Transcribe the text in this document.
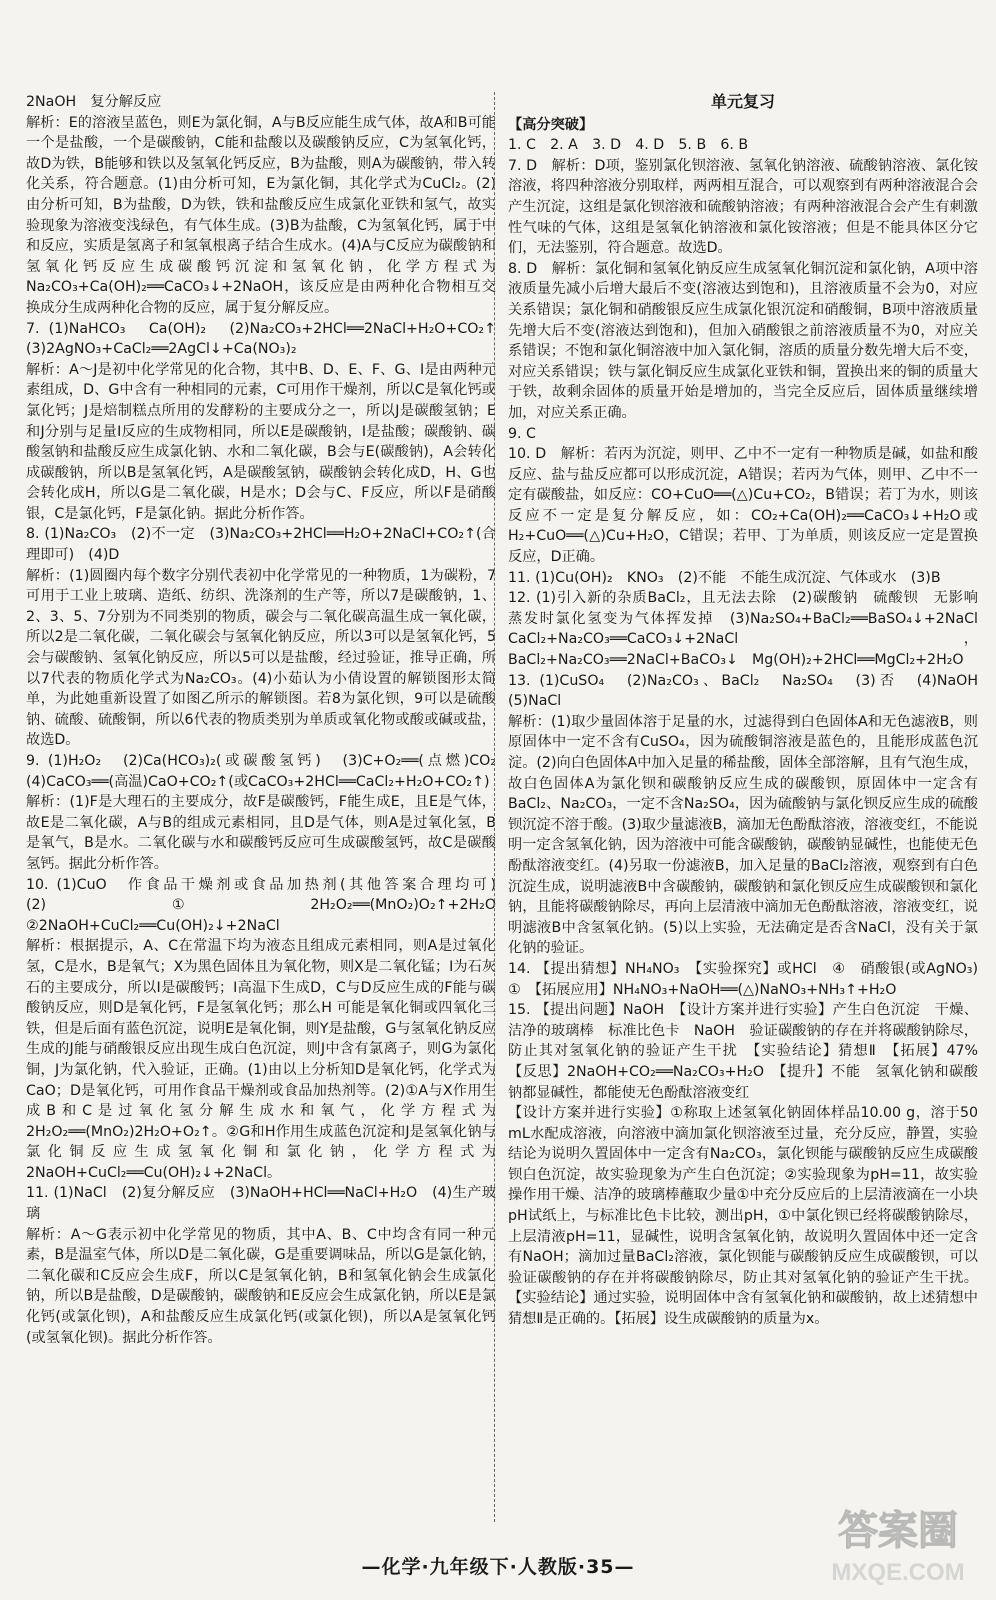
2NaOH　复分解反应

解析：E的溶液呈蓝色，则E为氯化铜，A与B反应能生成气体，故A和B可能一个是盐酸，一个是碳酸钠，C能和盐酸以及碳酸钠反应，C为氢氧化钙，故D为铁，B能够和铁以及氢氧化钙反应，B为盐酸，则A为碳酸钠，带入转化关系，符合题意。(1)由分析可知，E为氯化铜，其化学式为CuCl₂。(2)由分析可知，B为盐酸，D为铁，铁和盐酸反应生成氯化亚铁和氢气，故实验现象为溶液变浅绿色，有气体生成。(3)B为盐酸，C为氢氧化钙，属于中和反应，实质是氢离子和氢氧根离子结合生成水。(4)A与C反应为碳酸钠和氢氧化钙反应生成碳酸钙沉淀和氢氧化钠，化学方程式为Na₂CO₃+Ca(OH)₂══CaCO₃↓+2NaOH，该反应是由两种化合物相互交换成分生成两种化合物的反应，属于复分解反应。

7. (1)NaHCO₃　Ca(OH)₂　(2)Na₂CO₃+2HCl══2NaCl+H₂O+CO₂↑　(3)2AgNO₃+CaCl₂══2AgCl↓+Ca(NO₃)₂

解析：A～J是初中化学常见的化合物，其中B、D、E、F、G、I是由两种元素组成，D、G中含有一种相同的元素，C可用作干燥剂，所以C是氧化钙或氯化钙；J是焙制糕点所用的发酵粉的主要成分之一，所以J是碳酸氢钠；E和J分别与足量I反应的生成物相同，所以E是碳酸钠，I是盐酸；碳酸钠、碳酸氢钠和盐酸反应生成氯化钠、水和二氧化碳，B会与E(碳酸钠)，A会转化成碳酸钠，所以B是氢氧化钙，A是碳酸氢钠，碳酸钠会转化成D，H、G也会转化成H，所以G是二氧化碳，H是水；D会与C、F反应，所以F是硝酸银，C是氯化钙，F是氯化钠。据此分析作答。

8. (1)Na₂CO₃　(2)不一定　(3)Na₂CO₃+2HCl══H₂O+2NaCl+CO₂↑(合理即可)　(4)D

解析：(1)圆圈内每个数字分别代表初中化学常见的一种物质，1为碳粉，7可用于工业上玻璃、造纸、纺织、洗涤剂的生产等，所以7是碳酸钠，1、2、3、5、7分别为不同类别的物质，碳会与二氧化碳高温生成一氧化碳，所以2是二氧化碳，二氧化碳会与氢氧化钠反应，所以3可以是氢氧化钙，5会与碳酸钠、氢氧化钠反应，所以5可以是盐酸，经过验证，推导正确，所以7代表的物质化学式为Na₂CO₃。(4)小茹认为小倩设置的解锁图形太简单，为此她重新设置了如图乙所示的解锁图。若8为氯化钡，9可以是硫酸钠、硫酸、硫酸铜，所以6代表的物质类别为单质或氧化物或酸或碱或盐，故选D。

9. (1)H₂O₂　(2)Ca(HCO₃)₂(或碳酸氢钙)　(3)C+O₂══(点燃)CO₂　(4)CaCO₃══(高温)CaO+CO₂↑(或CaCO₃+2HCl══CaCl₂+H₂O+CO₂↑)

解析：(1)F是大理石的主要成分，故F是碳酸钙，F能生成E，且E是气体，故E是二氧化碳，A与B的组成元素相同，且D是气体，则A是过氧化氢，B是氧气，B是水。二氧化碳与水和碳酸钙反应可生成碳酸氢钙，故C是碳酸氢钙。据此分析作答。

10. (1)CuO　作食品干燥剂或食品加热剂(其他答案合理均可)　(2)①2H₂O₂══(MnO₂)O₂↑+2H₂O　②2NaOH+CuCl₂══Cu(OH)₂↓+2NaCl

解析：根据提示，A、C在常温下均为液态且组成元素相同，则A是过氧化氢，C是水，B是氧气；X为黑色固体且为氧化物，则X是二氧化锰；I为石灰石的主要成分，所以I是碳酸钙；I高温下生成D，C与D反应生成的F能与碳酸钠反应，则D是氧化钙，F是氢氧化钙；那么H 可能是氧化铜或四氧化三铁，但是后面有蓝色沉淀，说明E是氧化铜，则Y是盐酸，G与氢氧化钠反应生成的J能与硝酸银反应出现生成白色沉淀，则J中含有氯离子，则G为氯化铜，J为氯化钠，代入验证，正确。(1)由以上分析知D是氧化钙，化学式为CaO；D是氧化钙，可用作食品干燥剂或食品加热剂等。(2)①A与X作用生成B和C是过氧化氢分解生成水和氧气，化学方程式为2H₂O₂══(MnO₂)2H₂O+O₂↑。②G和H作用生成蓝色沉淀和J是氢氧化钠与氯化铜反应生成氢氧化铜和氯化钠，化学方程式为2NaOH+CuCl₂══Cu(OH)₂↓+2NaCl。

11. (1)NaCl　(2)复分解反应　(3)NaOH+HCl══NaCl+H₂O　(4)生产玻璃

解析：A～G表示初中化学常见的物质，其中A、B、C中均含有同一种元素，B是温室气体，所以D是二氧化碳，G是重要调味品，所以G是氯化钠，二氧化碳和C反应会生成F，所以C是氢氧化钠，B和氢氧化钠会生成氯化钠，所以B是盐酸，D是碳酸钠，碳酸钠和E反应会生成氯化钠，所以E是氯化钙(或氯化钡)，A和盐酸反应生成氯化钙(或氯化钡)，所以A是氢氧化钙(或氢氧化钡)。据此分析作答。

单元复习

【高分突破】

1. C　2. A　3. D　4. D　5. B　6. B

7. D　解析：D项，鉴别氯化钡溶液、氢氧化钠溶液、硫酸钠溶液、氯化铵溶液，将四种溶液分别取样，两两相互混合，可以观察到有两种溶液混合会产生沉淀，这组是氯化钡溶液和硫酸钠溶液；有两种溶液混合会产生有刺激性气味的气体，这组是氢氧化钠溶液和氯化铵溶液；但是不能具体区分它们，无法鉴别，符合题意。故选D。

8. D　解析：氯化铜和氢氧化钠反应生成氢氧化铜沉淀和氯化钠，A项中溶液质量先减小后增大最后不变(溶液达到饱和)，且溶液质量不会为0，对应关系错误；氯化铜和硝酸银反应生成氯化银沉淀和硝酸铜，B项中溶液质量先增大后不变(溶液达到饱和)，但加入硝酸银之前溶液质量不为0，对应关系错误；不饱和氯化铜溶液中加入氯化铜，溶质的质量分数先增大后不变，对应关系错误；铁与氯化铜反应生成氯化亚铁和铜，置换出来的铜的质量大于铁，故剩余固体的质量开始是增加的，当完全反应后，固体质量继续增加，对应关系正确。

9. C

10. D　解析：若丙为沉淀，则甲、乙中不一定有一种物质是碱，如盐和酸反应、盐与盐反应都可以形成沉淀，A错误；若丙为气体，则甲、乙中不一定有碳酸盐，如反应：CO+CuO══(△)Cu+CO₂，B错误；若丁为水，则该反应不一定是复分解反应，如：CO₂+Ca(OH)₂══CaCO₃↓+H₂O或H₂+CuO══(△)Cu+H₂O，C错误；若甲、丁为单质，则该反应一定是置换反应，D正确。

11. (1)Cu(OH)₂　KNO₃　(2)不能　不能生成沉淀、气体或水　(3)B

12. (1)引入新的杂质BaCl₂，且无法去除　(2)碳酸钠　硫酸钡　无影响　蒸发时氯化氢变为气体挥发掉　(3)Na₂SO₄+BaCl₂══BaSO₄↓+2NaCl　CaCl₂+Na₂CO₃══CaCO₃↓+2NaCl，BaCl₂+Na₂CO₃══2NaCl+BaCO₃↓　Mg(OH)₂+2HCl══MgCl₂+2H₂O

13. (1)CuSO₄　(2)Na₂CO₃、BaCl₂　Na₂SO₄　(3)否　(4)NaOH　(5)NaCl

解析：(1)取少量固体溶于足量的水，过滤得到白色固体A和无色滤液B，则原固体中一定不含有CuSO₄，因为硫酸铜溶液是蓝色的，且能形成蓝色沉淀。(2)向白色固体A中加入足量的稀盐酸，固体全部溶解，且有气泡生成，故白色固体A为氯化钡和碳酸钠反应生成的碳酸钡，原固体中一定含有BaCl₂、Na₂CO₃，一定不含Na₂SO₄，因为硫酸钠与氯化钡反应生成的硫酸钡沉淀不溶于酸。(3)取少量滤液B，滴加无色酚酞溶液，溶液变红，不能说明一定含氢氧化钠，因为溶液中可能含碳酸钠，碳酸钠显碱性，也能使无色酚酞溶液变红。(4)另取一份滤液B，加入足量的BaCl₂溶液，观察到有白色沉淀生成，说明滤液B中含碳酸钠，碳酸钠和氯化钡反应生成碳酸钡和氯化钠，且能将碳酸钠除尽，再向上层清液中滴加无色酚酞溶液，溶液变红，说明滤液B中含氢氧化钠。(5)以上实验，无法确定是否含NaCl，没有关于氯化钠的验证。

14. 【提出猜想】NH₄NO₃　【实验探究】或HCl　④　硝酸银(或AgNO₃)　①　【拓展应用】NH₄NO₃+NaOH══(△)NaNO₃+NH₃↑+H₂O

15. 【提出问题】NaOH　【设计方案并进行实验】产生白色沉淀　干燥、洁净的玻璃棒　标准比色卡　NaOH　验证碳酸钠的存在并将碳酸钠除尽，防止其对氢氧化钠的验证产生干扰　【实验结论】猜想Ⅱ　【拓展】47%　【反思】2NaOH+CO₂══Na₂CO₃+H₂O　【提升】不能　氢氧化钠和碳酸钠都显碱性，都能使无色酚酞溶液变红

【设计方案并进行实验】①称取上述氢氧化钠固体样品10.00 g，溶于50 mL水配成溶液，向溶液中滴加氯化钡溶液至过量，充分反应，静置，实验结论为说明久置固体中一定含有Na₂CO₃，氯化钡能与碳酸钠反应生成碳酸钡白色沉淀，故实验现象为产生白色沉淀；②实验现象为pH=11，故实验操作用干燥、洁净的玻璃棒蘸取少量①中充分反应后的上层清液滴在一小块pH试纸上，与标准比色卡比较，测出pH，①中氯化钡已经将碳酸钠除尽，上层清液pH=11，显碱性，说明含氢氧化钠，故说明久置固体中还一定含有NaOH；滴加过量BaCl₂溶液，氯化钡能与碳酸钠反应生成碳酸钡，可以验证碳酸钠的存在并将碳酸钠除尽，防止其对氢氧化钠的验证产生干扰。【实验结论】通过实验，说明固体中含有氢氧化钠和碳酸钠，故上述猜想中猜想Ⅱ是正确的。【拓展】设生成碳酸钠的质量为x。

—化学·九年级下·人教版·35—
答案圈
MXQE.COM
